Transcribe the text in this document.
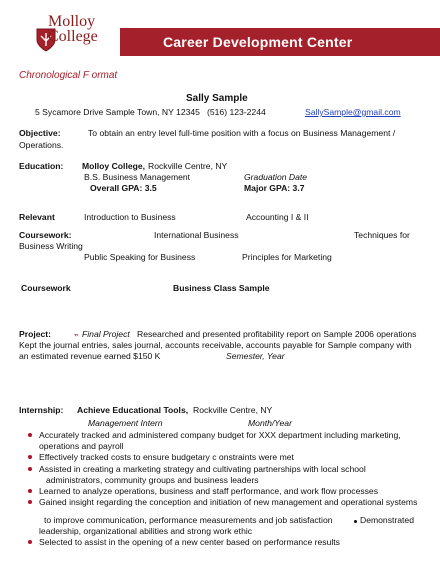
Molloy
College	Career Development Center
Chronological F ormat
Sally Sample
5 Sycamore Drive Sample Town, NY 12345 (516) 123-2244	SallySample@gmail.com
Objective:	To obtain an entry level full-time position with a focus on Business Management /
Operations.
Education: Molloy College, Rockville Centre, NY
B.S. Business Management	Graduation Date
Overall GPA: 3.5	Major GPA: 3.7
Relevant	Introduction to Business	Accounting I & II
Coursework:	International Business	Techniques for
Business Writing
Public Speaking for Business	Principles for Marketing
Coursework	Business Class Sample
Project:	„ Final Project Researched and presented profitability report on Sample 2006 operations
Kept the journal entries, sales journal, accounts receivable, accounts payable for Sample company with
an estimated revenue earned $150 K	Semester, Year
Internship: Achieve Educational Tools, Rockville Centre, NY
Management Intern	Month/Year
Accurately tracked and administered company budget for XXX department including marketing,
operations and payroll
Effectively tracked costs to ensure budgetary c onstraints were met
Assisted in creating a marketing strategy and cultivating partnerships with local school
administrators, community groups and business leaders
Learned to analyze operations, business and staff performance, and work flow processes
Gained insight regarding the conception and initiation of new management and operational systems
to improve communication, performance measurements and job satisfaction	Demonstrated
leadership, organizational abilities and strong work ethic
Selected to assist in the opening of a new center based on performance results
